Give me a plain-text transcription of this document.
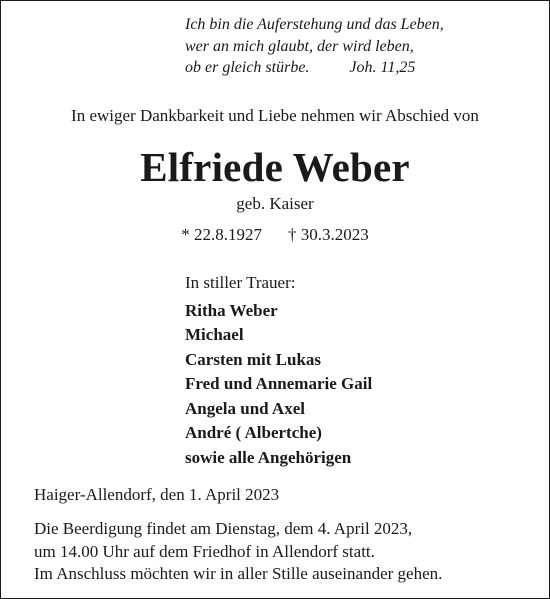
Ich bin die Auferstehung und das Leben,
wer an mich glaubt, der wird leben,
ob er gleich stürbe.	Joh. 11,25
In ewiger Dankbarkeit und Liebe nehmen wir Abschied von
Elfriede Weber
geb. Kaiser
* 22.8.1927 † 30.3.2023
In stiller Trauer:
Ritha Weber
Michael
Carsten mit Lukas
Fred und Annemarie Gail
Angela und Axel
André ( Albertche)
sowie alle Angehörigen
Haiger-Allendorf, den 1. April 2023
Die Beerdigung findet am Dienstag, dem 4. April 2023,
um 14.00 Uhr auf dem Friedhof in Allendorf statt.
Im Anschluss möchten wir in aller Stille auseinander gehen.
